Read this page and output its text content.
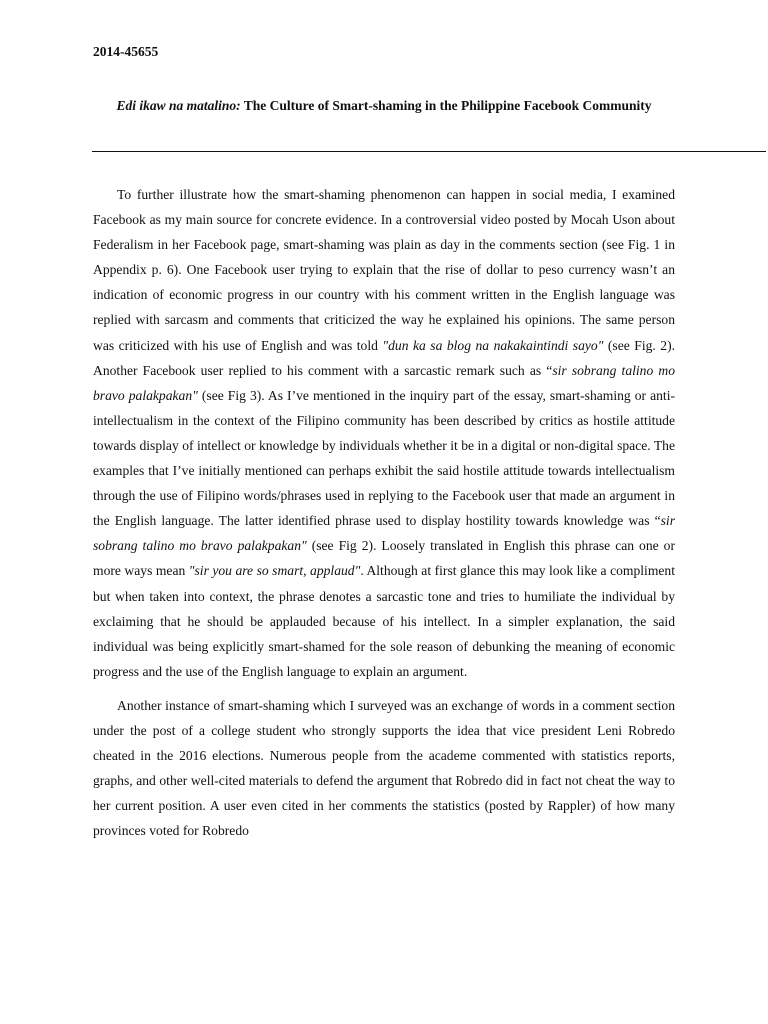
2014-45655
Edi ikaw na matalino: The Culture of Smart-shaming in the Philippine Facebook Community

To further illustrate how the smart-shaming phenomenon can happen in social media, I examined Facebook as my main source for concrete evidence. In a controversial video posted by Mocah Uson about Federalism in her Facebook page, smart-shaming was plain as day in the comments section (see Fig. 1 in Appendix p. 6). One Facebook user trying to explain that the rise of dollar to peso currency wasn’t an indication of economic progress in our country with his comment written in the English language was replied with sarcasm and comments that criticized the way he explained his opinions. The same person was criticized with his use of English and was told "dun ka sa blog na nakakaintindi sayo" (see Fig. 2). Another Facebook user replied to his comment with a sarcastic remark such as “sir sobrang talino mo bravo palakpakan" (see Fig 3). As I’ve mentioned in the inquiry part of the essay, smart-shaming or anti-intellectualism in the context of the Filipino community has been described by critics as hostile attitude towards display of intellect or knowledge by individuals whether it be in a digital or non-digital space. The examples that I’ve initially mentioned can perhaps exhibit the said hostile attitude towards intellectualism through the use of Filipino words/phrases used in replying to the Facebook user that made an argument in the English language. The latter identified phrase used to display hostility towards knowledge was “sir sobrang talino mo bravo palakpakan" (see Fig 2). Loosely translated in English this phrase can one or more ways mean "sir you are so smart, applaud". Although at first glance this may look like a compliment but when taken into context, the phrase denotes a sarcastic tone and tries to humiliate the individual by exclaiming that he should be applauded because of his intellect. In a simpler explanation, the said individual was being explicitly smart-shamed for the sole reason of debunking the meaning of economic progress and the use of the English language to explain an argument.

Another instance of smart-shaming which I surveyed was an exchange of words in a comment section under the post of a college student who strongly supports the idea that vice president Leni Robredo cheated in the 2016 elections. Numerous people from the academe commented with statistics reports, graphs, and other well-cited materials to defend the argument that Robredo did in fact not cheat the way to her current position. A user even cited in her comments the statistics (posted by Rappler) of how many provinces voted for Robredo
